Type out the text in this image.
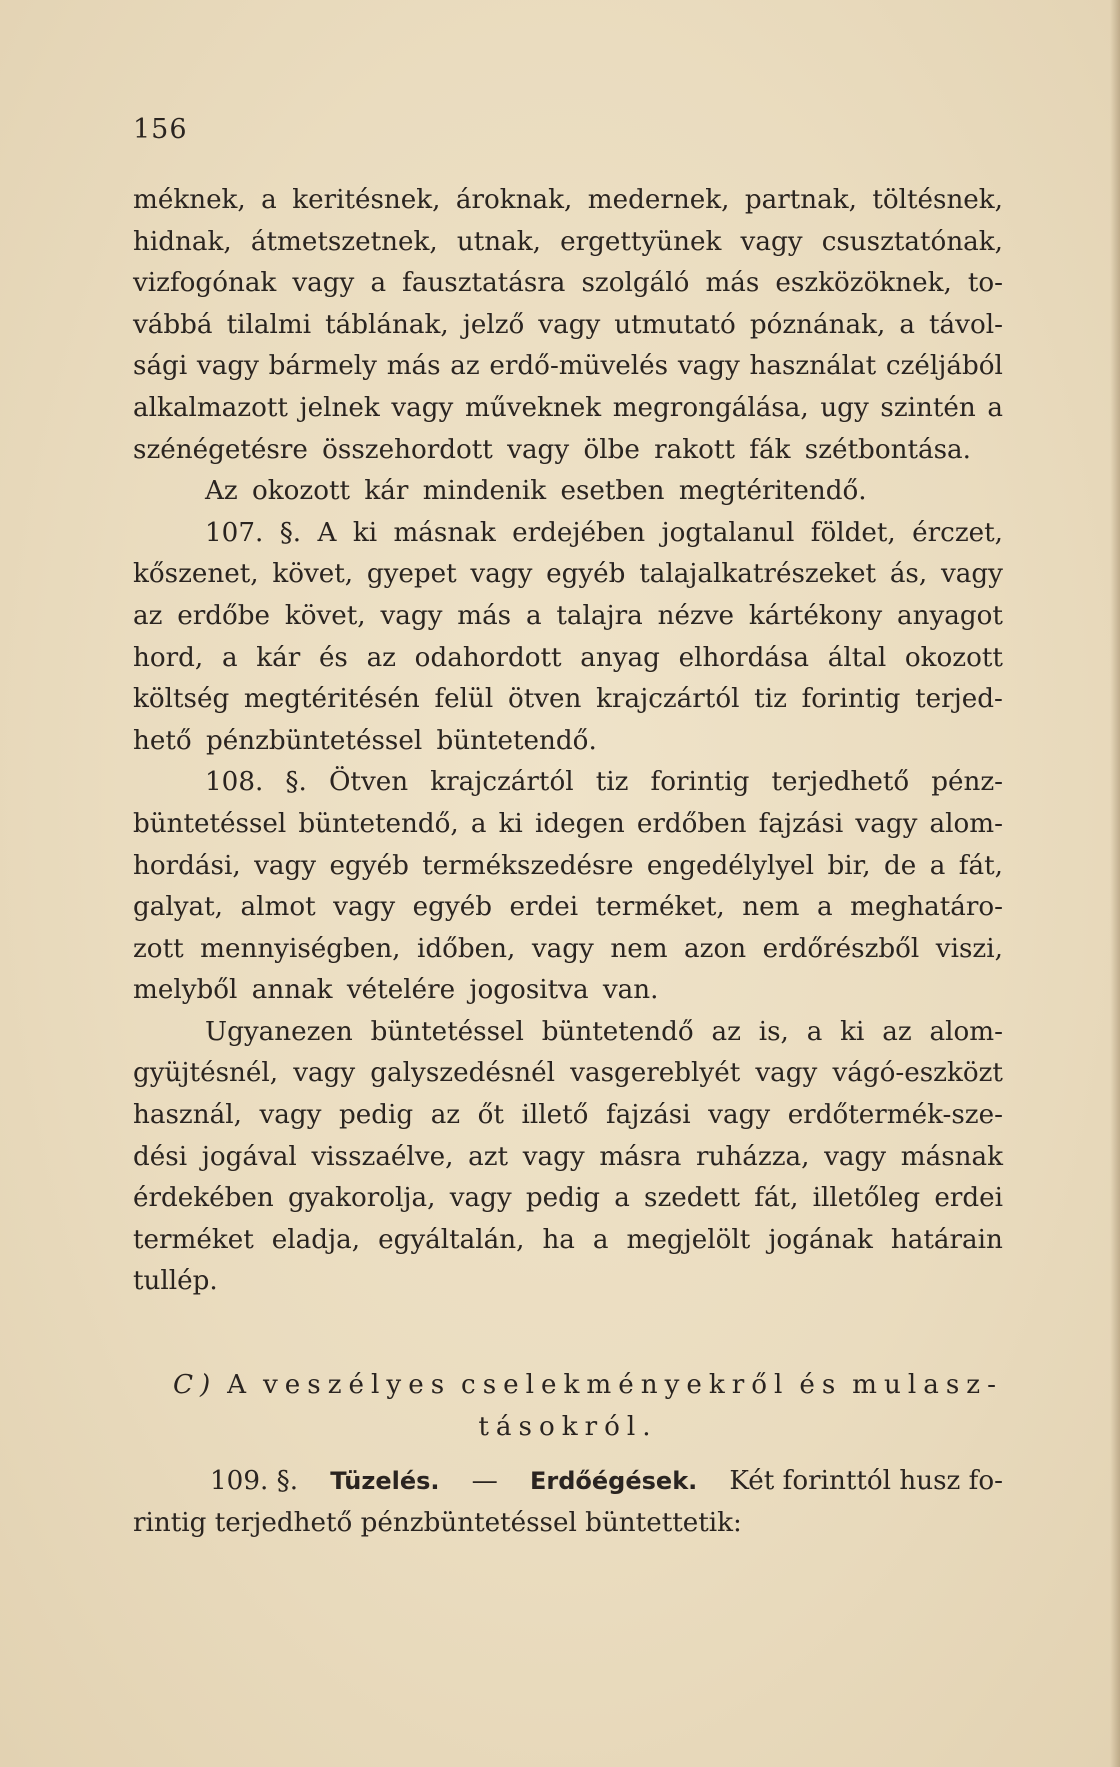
156
méknek, a keritésnek, ároknak, medernek, partnak, töltésnek,
hidnak, átmetszetnek, utnak, ergettyünek vagy csusztatónak,
vizfogónak vagy a fausztatásra szolgáló más eszközöknek, to-
vábbá tilalmi táblának, jelző vagy utmutató póznának, a távol-
sági vagy bármely más az erdő-müvelés vagy használat czéljából
alkalmazott jelnek vagy műveknek megrongálása, ugy szintén a
szénégetésre összehordott vagy ölbe rakott fák szétbontása.
Az okozott kár mindenik esetben megtéritendő.
107. §. A ki másnak erdejében jogtalanul földet, érczet,
kőszenet, követ, gyepet vagy egyéb talajalkatrészeket ás, vagy
az erdőbe követ, vagy más a talajra nézve kártékony anyagot
hord, a kár és az odahordott anyag elhordása által okozott
költség megtéritésén felül ötven krajczártól tiz forintig terjed-
hető pénzbüntetéssel büntetendő.
108. §. Ötven krajczártól tiz forintig terjedhető pénz-
büntetéssel büntetendő, a ki idegen erdőben fajzási vagy alom-
hordási, vagy egyéb termékszedésre engedélylyel bir, de a fát,
galyat, almot vagy egyéb erdei terméket, nem a meghatáro-
zott mennyiségben, időben, vagy nem azon erdőrészből viszi,
melyből annak vételére jogositva van.
Ugyanezen büntetéssel büntetendő az is, a ki az alom-
gyüjtésnél, vagy galyszedésnél vasgereblyét vagy vágó-eszközt
használ, vagy pedig az őt illető fajzási vagy erdőtermék-sze-
dési jogával visszaélve, azt vagy másra ruházza, vagy másnak
érdekében gyakorolja, vagy pedig a szedett fát, illetőleg erdei
terméket eladja, egyáltalán, ha a megjelölt jogának határain
tullép.
C) A veszélyes cselekményekről és mulasz-
tásokról.
109. §. Tüzelés. — Erdőégések. Két forinttól husz fo-
rintig terjedhető pénzbüntetéssel büntettetik:
